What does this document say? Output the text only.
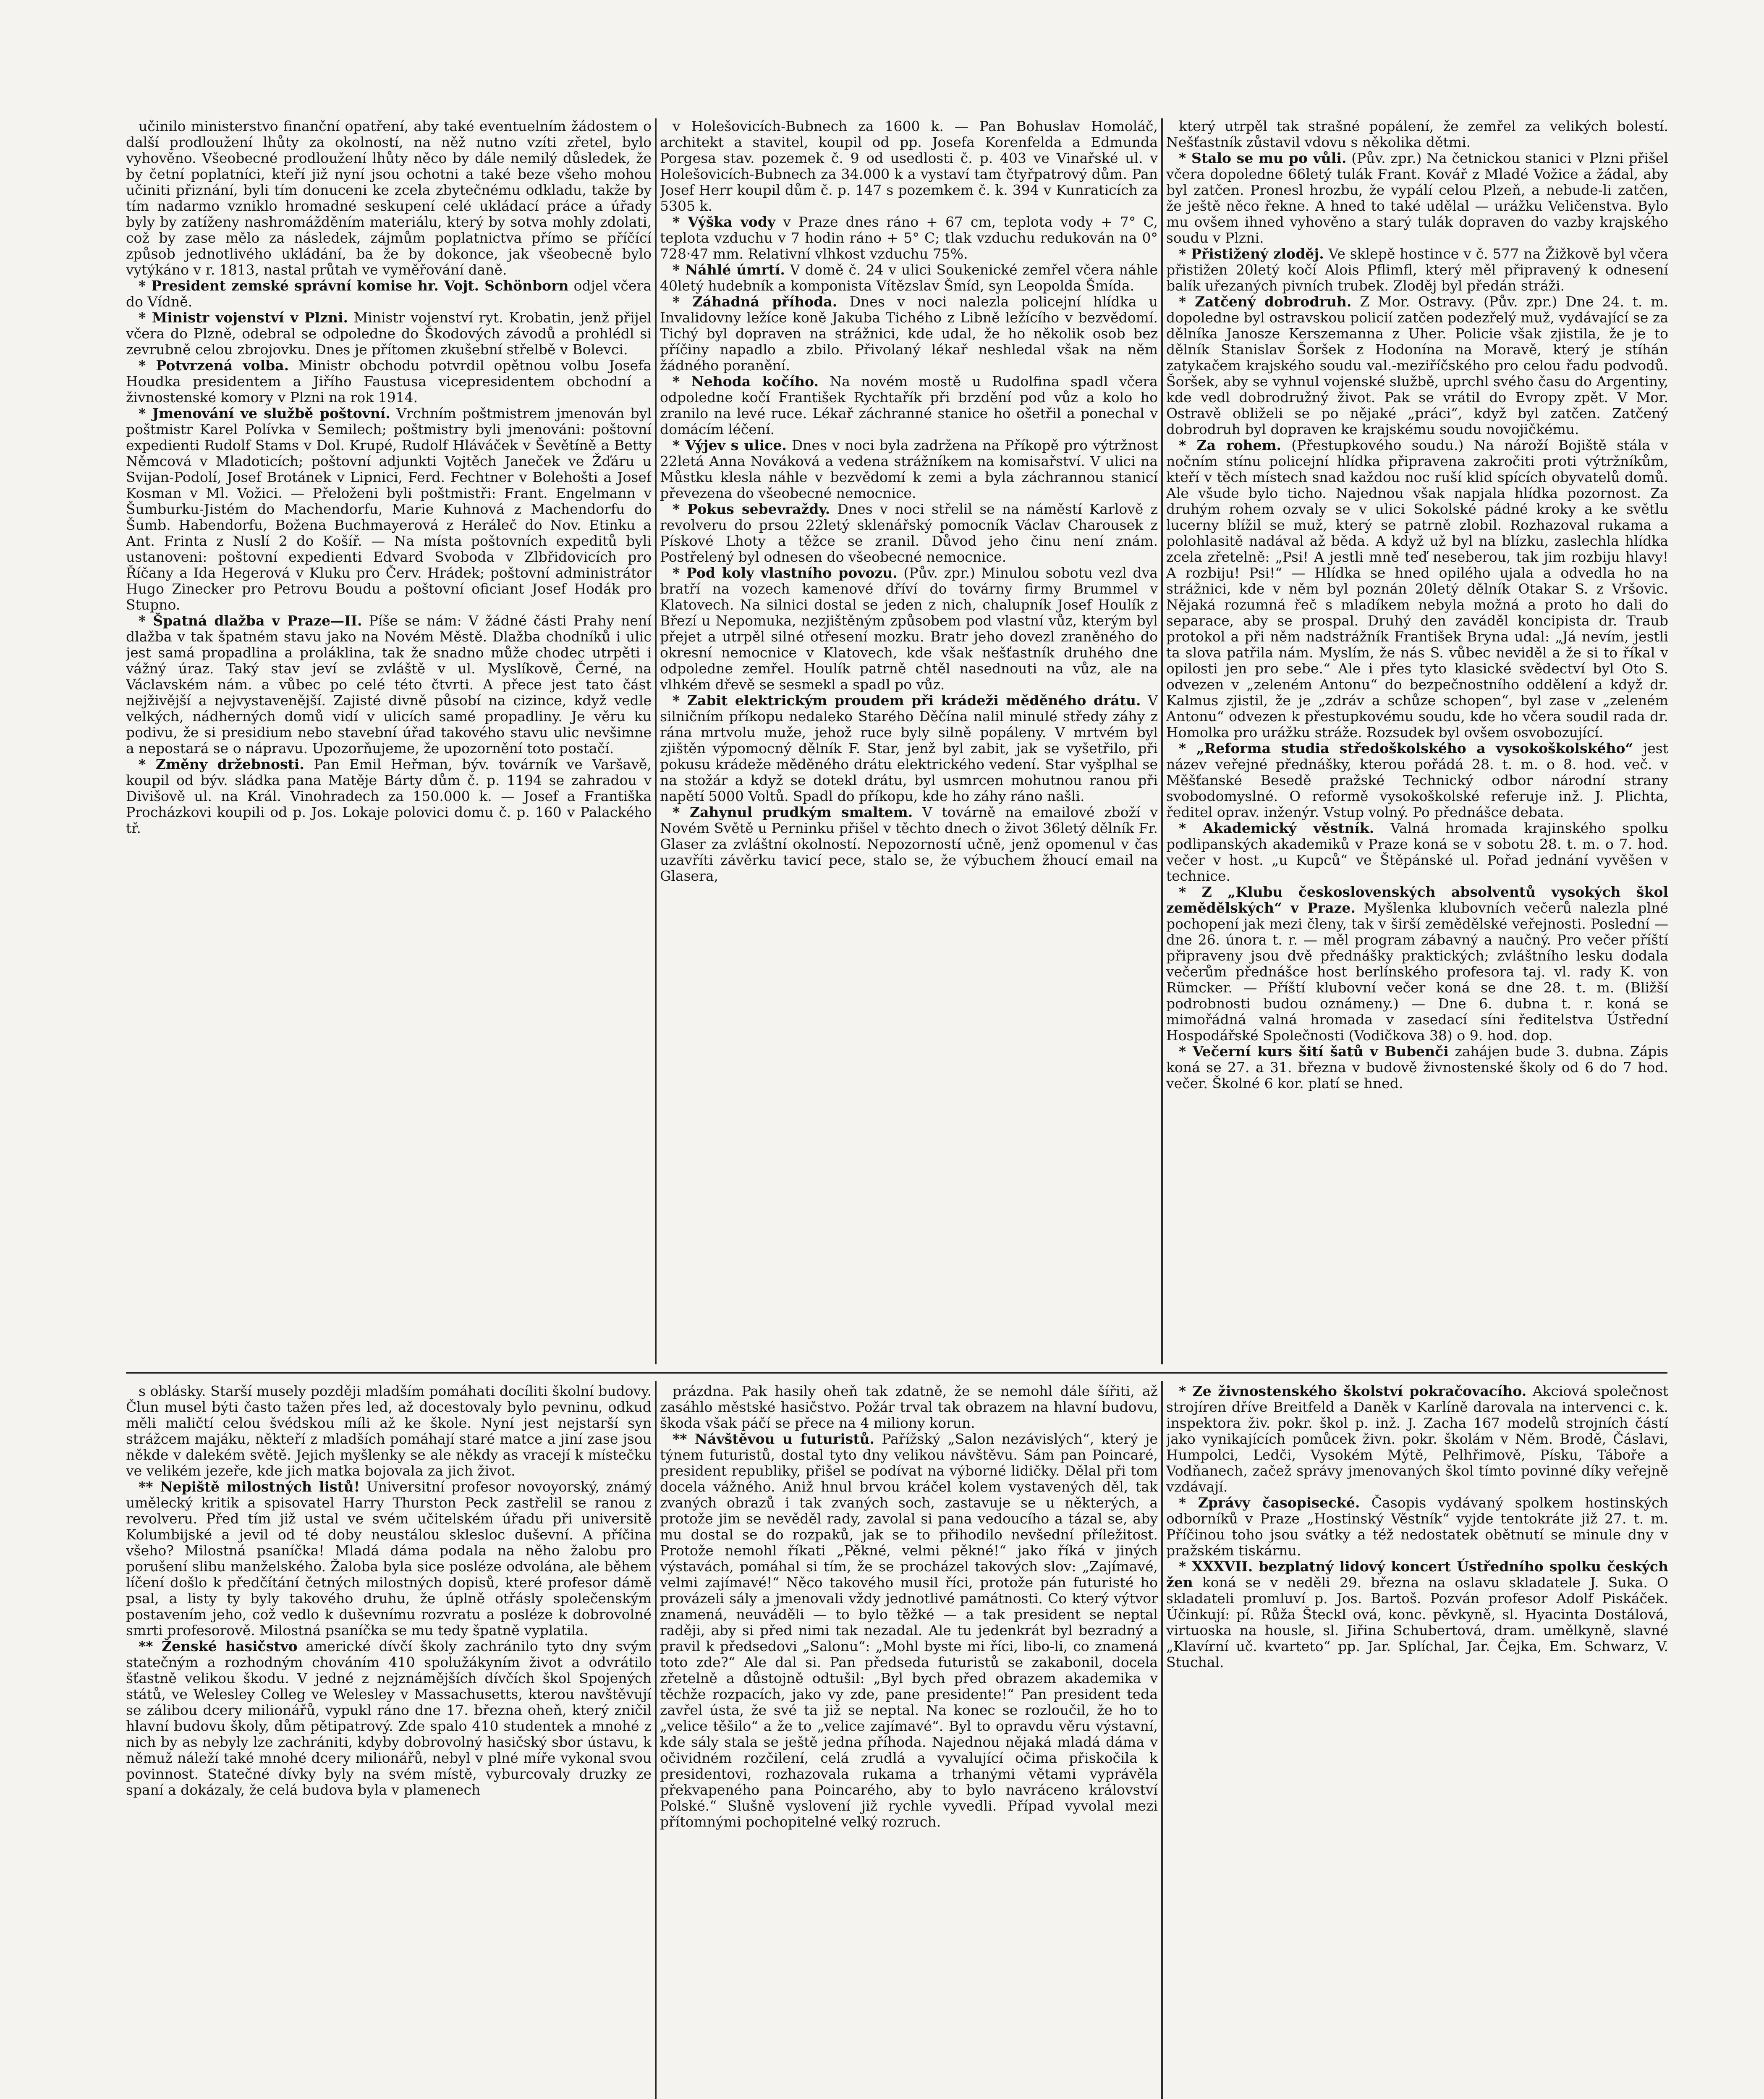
učinilo ministerstvo finanční opatření, aby také eventuelním žádostem o další prodloužení lhůty za okolností, na něž nutno vzíti zřetel, bylo vyhověno. Všeobecné prodloužení lhůty něco by dále nemilý důsledek, že by četní poplatníci, kteří již nyní jsou ochotni a také beze všeho mohou učiniti přiznání, byli tím donuceni ke zcela zbytečnému odkladu, takže by tím nadarmo vzniklo hromadné seskupení celé ukládací práce a úřady byly by zatíženy nashromážděním materiálu, který by sotva mohly zdolati, což by zase mělo za následek, zájmům poplatnictva přímo se příčící způsob jednotlivého ukládání, ba že by dokonce, jak všeobecně bylo vytýkáno v r. 1813, nastal průtah ve vyměřování daně.

* President zemské správní komise hr. Vojt. Schönborn odjel včera do Vídně.

* Ministr vojenství v Plzni. Ministr vojenství ryt. Krobatin, jenž přijel včera do Plzně, odebral se odpoledne do Škodových závodů a prohlédl si zevrubně celou zbrojovku. Dnes je přítomen zkušební střelbě v Bolevci.

* Potvrzená volba. Ministr obchodu potvrdil opětnou volbu Josefa Houdka presidentem a Jiřího Faustusa vicepresidentem obchodní a živnostenské komory v Plzni na rok 1914.

* Jmenování ve službě poštovní. Vrchním poštmistrem jmenován byl poštmistr Karel Polívka v Semilech; poštmistry byli jmenováni: poštovní expedienti Rudolf Stams v Dol. Krupé, Rudolf Hláváček v Ševětíně a Betty Němcová v Mladoticích; poštovní adjunkti Vojtěch Janeček ve Žďáru u Svijan-Podolí, Josef Brotánek v Lipnici, Ferd. Fechtner v Bolehošti a Josef Kosman v Ml. Vožici. — Přeloženi byli poštmistři: Frant. Engelmann v Šumburku-Jistém do Machendorfu, Marie Kuhnová z Machendorfu do Šumb. Habendorfu, Božena Buchmayerová z Heráleč do Nov. Etinku a Ant. Frinta z Nuslí 2 do Košíř. — Na místa poštovních expeditů byli ustanoveni: poštovní expedienti Edvard Svoboda v Zlbřidovicích pro Říčany a Ida Hegerová v Kluku pro Červ. Hrádek; poštovní administrátor Hugo Zinecker pro Petrovu Boudu a poštovní oficiant Josef Hodák pro Stupno.

* Špatná dlažba v Praze—II. Píše se nám: V žádné části Prahy není dlažba v tak špatném stavu jako na Novém Městě. Dlažba chodníků i ulic jest samá propadlina a proláklina, tak že snadno může chodec utrpěti i vážný úraz. Taký stav jeví se zvláště v ul. Myslíkově, Černé, na Václavském nám. a vůbec po celé této čtvrti. A přece jest tato část nejživější a nejvystavenější. Zajisté divně působí na cizince, když vedle velkých, nádherných domů vidí v ulicích samé propadliny. Je věru ku podivu, že si presidium nebo stavební úřad takového stavu ulic nevšimne a nepostará se o nápravu. Upozorňujeme, že upozornění toto postačí.

* Změny držebnosti. Pan Emil Heřman, býv. továrník ve Varšavě, koupil od býv. sládka pana Matěje Bárty dům č. p. 1194 se zahradou v Divišově ul. na Král. Vinohradech za 150.000 k. — Josef a Františka Procházkovi koupili od p. Jos. Lokaje polovici domu č. p. 160 v Palackého tř.

v Holešovicích-Bubnech za 1600 k. — Pan Bohuslav Homoláč, architekt a stavitel, koupil od pp. Josefa Korenfelda a Edmunda Porgesa stav. pozemek č. 9 od usedlosti č. p. 403 ve Vinařské ul. v Holešovicích-Bubnech za 34.000 k a vystaví tam čtyřpatrový dům. Pan Josef Herr koupil dům č. p. 147 s pozemkem č. k. 394 v Kunraticích za 5305 k.

* Výška vody v Praze dnes ráno + 67 cm, teplota vody + 7° C, teplota vzduchu v 7 hodin ráno + 5° C; tlak vzduchu redukován na 0° 728·47 mm. Relativní vlhkost vzduchu 75%.

* Náhlé úmrtí. V domě č. 24 v ulici Soukenické zemřel včera náhle 40letý hudebník a komponista Vítězslav Šmíd, syn Leopolda Šmída.

* Záhadná příhoda. Dnes v noci nalezla policejní hlídka u Invalidovny ležíce koně Jakuba Tichého z Libně ležícího v bezvědomí. Tichý byl dopraven na strážnici, kde udal, že ho několik osob bez příčiny napadlo a zbilo. Přivolaný lékař neshledal však na něm žádného poranění.

* Nehoda kočího. Na novém mostě u Rudolfina spadl včera odpoledne kočí František Rychtařík při brzdění pod vůz a kolo ho zranilo na levé ruce. Lékař záchranné stanice ho ošetřil a ponechal v domácím léčení.

* Výjev s ulice. Dnes v noci byla zadržena na Příkopě pro výtržnost 22letá Anna Nováková a vedena strážníkem na komisařství. V ulici na Můstku klesla náhle v bezvědomí k zemi a byla záchrannou stanicí převezena do všeobecné nemocnice.

* Pokus sebevraždy. Dnes v noci střelil se na náměstí Karlově z revolveru do prsou 22letý sklenářský pomocník Václav Charousek z Pískové Lhoty a těžce se zranil. Důvod jeho činu není znám. Postřelený byl odnesen do všeobecné nemocnice.

* Pod koly vlastního povozu. (Pův. zpr.) Minulou sobotu vezl dva bratří na vozech kamenové dříví do továrny firmy Brummel v Klatovech. Na silnici dostal se jeden z nich, chalupník Josef Houlík z Březí u Nepomuka, nezjištěným způsobem pod vlastní vůz, kterým byl přejet a utrpěl silné otřesení mozku. Bratr jeho dovezl zraněného do okresní nemocnice v Klatovech, kde však nešťastník druhého dne odpoledne zemřel. Houlík patrně chtěl nasednouti na vůz, ale na vlhkém dřevě se sesmekl a spadl po vůz.

* Zabit elektrickým proudem při krádeži měděného drátu. V silničním příkopu nedaleko Starého Děčína nalil minulé středy záhy z rána mrtvolu muže, jehož ruce byly silně popáleny. V mrtvém byl zjištěn výpomocný dělník F. Star, jenž byl zabit, jak se vyšetřilo, při pokusu krádeže měděného drátu elektrického vedení. Star vyšplhal se na stožár a když se dotekl drátu, byl usmrcen mohutnou ranou při napětí 5000 Voltů. Spadl do příkopu, kde ho záhy ráno našli.

* Zahynul prudkým smaltem. V továrně na emailové zboží v Novém Světě u Perninku přišel v těchto dnech o život 36letý dělník Fr. Glaser za zvláštní okolností. Nepozorností učně, jenž opomenul v čas uzavříti závěrku tavicí pece, stalo se, že výbuchem žhoucí email na Glasera,

který utrpěl tak strašné popálení, že zemřel za velikých bolestí. Nešťastník zůstavil vdovu s několika dětmi.

* Stalo se mu po vůli. (Pův. zpr.) Na četnickou stanici v Plzni přišel včera dopoledne 66letý tulák Frant. Kovář z Mladé Vožice a žádal, aby byl zatčen. Pronesl hrozbu, že vypálí celou Plzeň, a nebude-li zatčen, že ještě něco řekne. A hned to také udělal — urážku Veličenstva. Bylo mu ovšem ihned vyhověno a starý tulák dopraven do vazby krajského soudu v Plzni.

* Přistižený zloděj. Ve sklepě hostince v č. 577 na Žižkově byl včera přistižen 20letý kočí Alois Pflimfl, který měl připravený k odnesení balík uřezaných pivních trubek. Zloděj byl předán stráži.

* Zatčený dobrodruh. Z Mor. Ostravy. (Pův. zpr.) Dne 24. t. m. dopoledne byl ostravskou policií zatčen podezřelý muž, vydávající se za dělníka Janosze Kerszemanna z Uher. Policie však zjistila, že je to dělník Stanislav Šoršek z Hodonína na Moravě, který je stíhán zatykačem krajského soudu val.-meziříčského pro celou řadu podvodů. Šoršek, aby se vyhnul vojenské službě, uprchl svého času do Argentiny, kde vedl dobrodružný život. Pak se vrátil do Evropy zpět. V Mor. Ostravě obliželi se po nějaké „práci“, když byl zatčen. Zatčený dobrodruh byl dopraven ke krajskému soudu novojičkému.

* Za rohem. (Přestupkového soudu.) Na nároží Bojiště stála v nočním stínu policejní hlídka připravena zakročiti proti výtržníkům, kteří v těch místech snad každou noc ruší klid spících obyvatelů domů. Ale všude bylo ticho. Najednou však napjala hlídka pozornost. Za druhým rohem ozvaly se v ulici Sokolské pádné kroky a ke světlu lucerny blížil se muž, který se patrně zlobil. Rozhazoval rukama a polohlasitě nadával až běda. A když už byl na blízku, zaslechla hlídka zcela zřetelně: „Psi! A jestli mně teď neseberou, tak jim rozbiju hlavy! A rozbiju! Psi!“ — Hlídka se hned opilého ujala a odvedla ho na strážnici, kde v něm byl poznán 20letý dělník Otakar S. z Vršovic. Nějaká rozumná řeč s mladíkem nebyla možná a proto ho dali do separace, aby se prospal. Druhý den zaváděl koncipista dr. Traub protokol a při něm nadstrážník František Bryna udal: „Já nevím, jestli ta slova patřila nám. Myslím, že nás S. vůbec neviděl a že si to říkal v opilosti jen pro sebe.“ Ale i přes tyto klasické svědectví byl Oto S. odvezen v „zeleném Antonu“ do bezpečnostního oddělení a když dr. Kalmus zjistil, že je „zdráv a schůze schopen“, byl zase v „zeleném Antonu“ odvezen k přestupkovému soudu, kde ho včera soudil rada dr. Homolka pro urážku stráže. Rozsudek byl ovšem osvobozující.

* „Reforma studia středoškolského a vysokoškolského“ jest název veřejné přednášky, kterou pořádá 28. t. m. o 8. hod. več. v Měšťanské Besedě pražské Technický odbor národní strany svobodomyslné. O reformě vysokoškolské referuje inž. J. Plichta, ředitel oprav. inženýr. Vstup volný. Po přednášce debata.

* Akademický věstník. Valná hromada krajinského spolku podlipanských akademiků v Praze koná se v sobotu 28. t. m. o 7. hod. večer v host. „u Kupců“ ve Štěpánské ul. Pořad jednání vyvěšen v technice.

* Z „Klubu československých absolventů vysokých škol zemědělských“ v Praze. Myšlenka klubovních večerů nalezla plné pochopení jak mezi členy, tak v širší zemědělské veřejnosti. Poslední — dne 26. února t. r. — měl program zábavný a naučný. Pro večer příští připraveny jsou dvě přednášky praktických; zvláštního lesku dodala večerům přednášce host berlínského profesora taj. vl. rady K. von Rümcker. — Příští klubovní večer koná se dne 28. t. m. (Bližší podrobnosti budou oznámeny.) — Dne 6. dubna t. r. koná se mimořádná valná hromada v zasedací síni ředitelstva Ústřední Hospodářské Společnosti (Vodičkova 38) o 9. hod. dop.

* Večerní kurs šití šatů v Bubenči zahájen bude 3. dubna. Zápis koná se 27. a 31. března v budově živnostenské školy od 6 do 7 hod. večer. Školné 6 kor. platí se hned.

s oblásky. Starší musely později mladším pomáhati docíliti školní budovy. Člun musel býti často tažen přes led, až docestovaly bylo pevninu, odkud měli maličtí celou švédskou míli až ke škole. Nyní jest nejstarší syn strážcem majáku, někteří z mladších pomáhají staré matce a jiní zase jsou někde v dalekém světě. Jejich myšlenky se ale někdy as vracejí k místečku ve velikém jezeře, kde jich matka bojovala za jich život.

** Nepiště milostných listů! Universitní profesor novoyorský, známý umělecký kritik a spisovatel Harry Thurston Peck zastřelil se ranou z revolveru. Před tím již ustal ve svém učitelském úřadu při universitě Kolumbijské a jevil od té doby neustálou sklesloс duševní. A příčina všeho? Milostná psaníčka! Mladá dáma podala na něho žalobu pro porušení slibu manželského. Žaloba byla sice posléze odvolána, ale během líčení došlo k předčítání četných milostných dopisů, které profesor dámě psal, a listy ty byly takového druhu, že úplně otřásly společenským postavením jeho, což vedlo k duševnímu rozvratu a posléze k dobrovolné smrti profesorově. Milostná psaníčka se mu tedy špatně vyplatila.

** Ženské hasičstvo americké dívčí školy zachránilo tyto dny svým statečným a rozhodným chováním 410 spolužákyním život a odvrátilo šťastně velikou škodu. V jedné z nejznámějších dívčích škol Spojených států, ve Welesley Colleg ve Welesley v Massachusetts, kterou navštěvují se zálibou dcery milionářů, vypukl ráno dne 17. března oheň, který zničil hlavní budovu školy, dům pětipatrový. Zde spalo 410 studentek a mnohé z nich by as nebyly lze zachrániti, kdyby dobrovolný hasičský sbor ústavu, k němuž náleží také mnohé dcery milionářů, nebyl v plné míře vykonal svou povinnost. Statečné dívky byly na svém místě, vyburcovaly druzky ze spaní a dokázaly, že celá budova byla v plamenech

prázdna. Pak hasily oheň tak zdatně, že se nemohl dále šířiti, až zasáhlo městské hasičstvo. Požár trval tak obrazem na hlavní budovu, škoda však páčí se přece na 4 miliony korun.

** Návštěvou u futuristů. Pařížský „Salon nezávislých“, který je týnem futuristů, dostal tyto dny velikou návštěvu. Sám pan Poincaré, president republiky, přišel se podívat na výborné lidičky. Dělal při tom docela vážného. Aniž hnul brvou kráčel kolem vystavených děl, tak zvaných obrazů i tak zvaných soch, zastavuje se u některých, a protože jim se nevěděl rady, zavolal si pana vedoucího a tázal se, aby mu dostal se do rozpaků, jak se to přihodilo nevšední příležitost. Protože nemohl říkati „Pěkné, velmi pěkné!“ jako říká v jiných výstavách, pomáhal si tím, že se procházel takových slov: „Zajímavé, velmi zajímavé!“ Něco takového musil říci, protože pán futuristé ho provázeli sály a jmenovali vždy jednotlivé památnosti. Co který výtvor znamená, neuváděli — to bylo těžké — a tak president se neptal raději, aby si před nimi tak nezadal. Ale tu jedenkrát byl bezradný a pravil k předsedovi „Salonu“: „Mohl byste mi říci, libo-li, co znamená toto zde?“ Ale dal si. Pan předseda futuristů se zakabonil, docela zřetelně a důstojně odtušil: „Byl bych před obrazem akademika v těchže rozpacích, jako vy zde, pane presidente!“ Pan president teda zavřel ústa, že své ta již se neptal. Na konec se rozloučil, že ho to „velice těšilo“ a že to „velice zajímavé“. Byl to opravdu věru výstavní, kde sály stala se ještě jedna příhoda. Najednou nějaká mladá dáma v očividném rozčilení, celá zrudlá a vyvalující očima přiskočila k presidentovi, rozhazovala rukama a trhanými větami vyprávěla překvapeného pana Poincarého, aby to bylo navráceno království Polské.“ Slušně vyslovení již rychle vyvedli. Případ vyvolal mezi přítomnými pochopitelné velký rozruch.

* Ze živnostenského školství pokračovacího. Akciová společnost strojíren dříve Breitfeld a Daněk v Karlíně darovala na intervenci c. k. inspektora živ. pokr. škol p. inž. J. Zacha 167 modelů strojních částí jako vynikajících pomůcek živn. pokr. školám v Něm. Brodě, Čáslavi, Humpolci, Ledči, Vysokém Mýtě, Pelhřimově, Písku, Táboře a Vodňanech, začež správy jmenovaných škol tímto povinné díky veřejně vzdávají.

* Zprávy časopisecké. Časopis vydávaný spolkem hostinských odborníků v Praze „Hostinský Věstník“ vyjde tentokráte již 27. t. m. Příčinou toho jsou svátky a též nedostatek obětnutí se minule dny v pražském tiskárnu.

* XXXVII. bezplatný lidový koncert Ústředního spolku českých žen koná se v neděli 29. března na oslavu skladatele J. Suka. O skladateli promluví p. Jos. Bartoš. Pozván profesor Adolf Piskáček. Účinkují: pí. Růža Šteckl ová, konc. pěvkyně, sl. Hyacinta Dostálová, virtuoska na housle, sl. Jiřina Schubertová, dram. umělkyně, slavné „Klavírní uč. kvarteto“ pp. Jar. Splíchal, Jar. Čejka, Em. Schwarz, V. Stuchal.
